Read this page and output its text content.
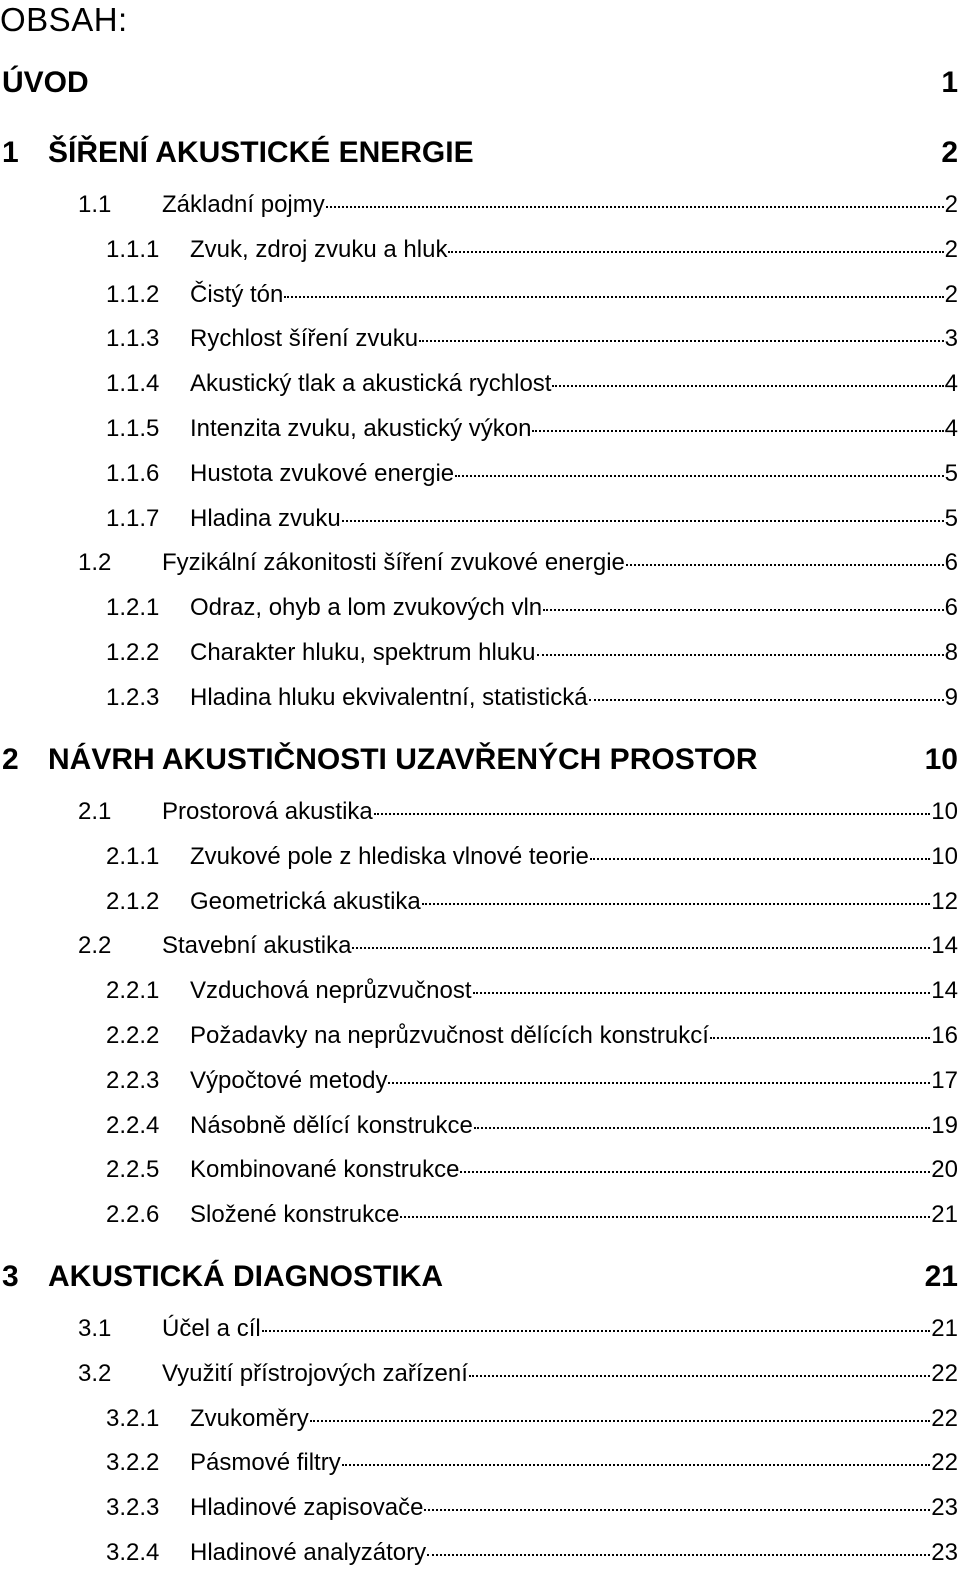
OBSAH:
ÚVOD	1
1 ŠÍŘENÍ AKUSTICKÉ ENERGIE	2
1.1	Základní pojmy	2
1.1.1	Zvuk, zdroj zvuku a hluk	2
1.1.2	Čistý tón	2
1.1.3	Rychlost šíření zvuku	3
1.1.4	Akustický tlak a akustická rychlost	4
1.1.5	Intenzita zvuku, akustický výkon	4
1.1.6	Hustota zvukové energie	5
1.1.7	Hladina zvuku	5
1.2	Fyzikální zákonitosti šíření zvukové energie	6
1.2.1	Odraz, ohyb a lom zvukových vln	6
1.2.2	Charakter hluku, spektrum hluku	8
1.2.3	Hladina hluku ekvivalentní, statistická	9
2 NÁVRH AKUSTIČNOSTI UZAVŘENÝCH PROSTOR	10
2.1	Prostorová akustika	10
2.1.1	Zvukové pole z hlediska vlnové teorie	10
2.1.2	Geometrická akustika	12
2.2	Stavební akustika	14
2.2.1	Vzduchová neprůzvučnost	14
2.2.2	Požadavky na neprůzvučnost dělících konstrukcí	16
2.2.3	Výpočtové metody	17
2.2.4	Násobně dělící konstrukce	19
2.2.5	Kombinované konstrukce	20
2.2.6	Složené konstrukce	21
3 AKUSTICKÁ DIAGNOSTIKA	21
3.1	Účel a cíl	21
3.2	Využití přístrojových zařízení	22
3.2.1	Zvukoměry	22
3.2.2	Pásmové filtry	22
3.2.3	Hladinové zapisovače	23
3.2.4	Hladinové analyzátory	23
